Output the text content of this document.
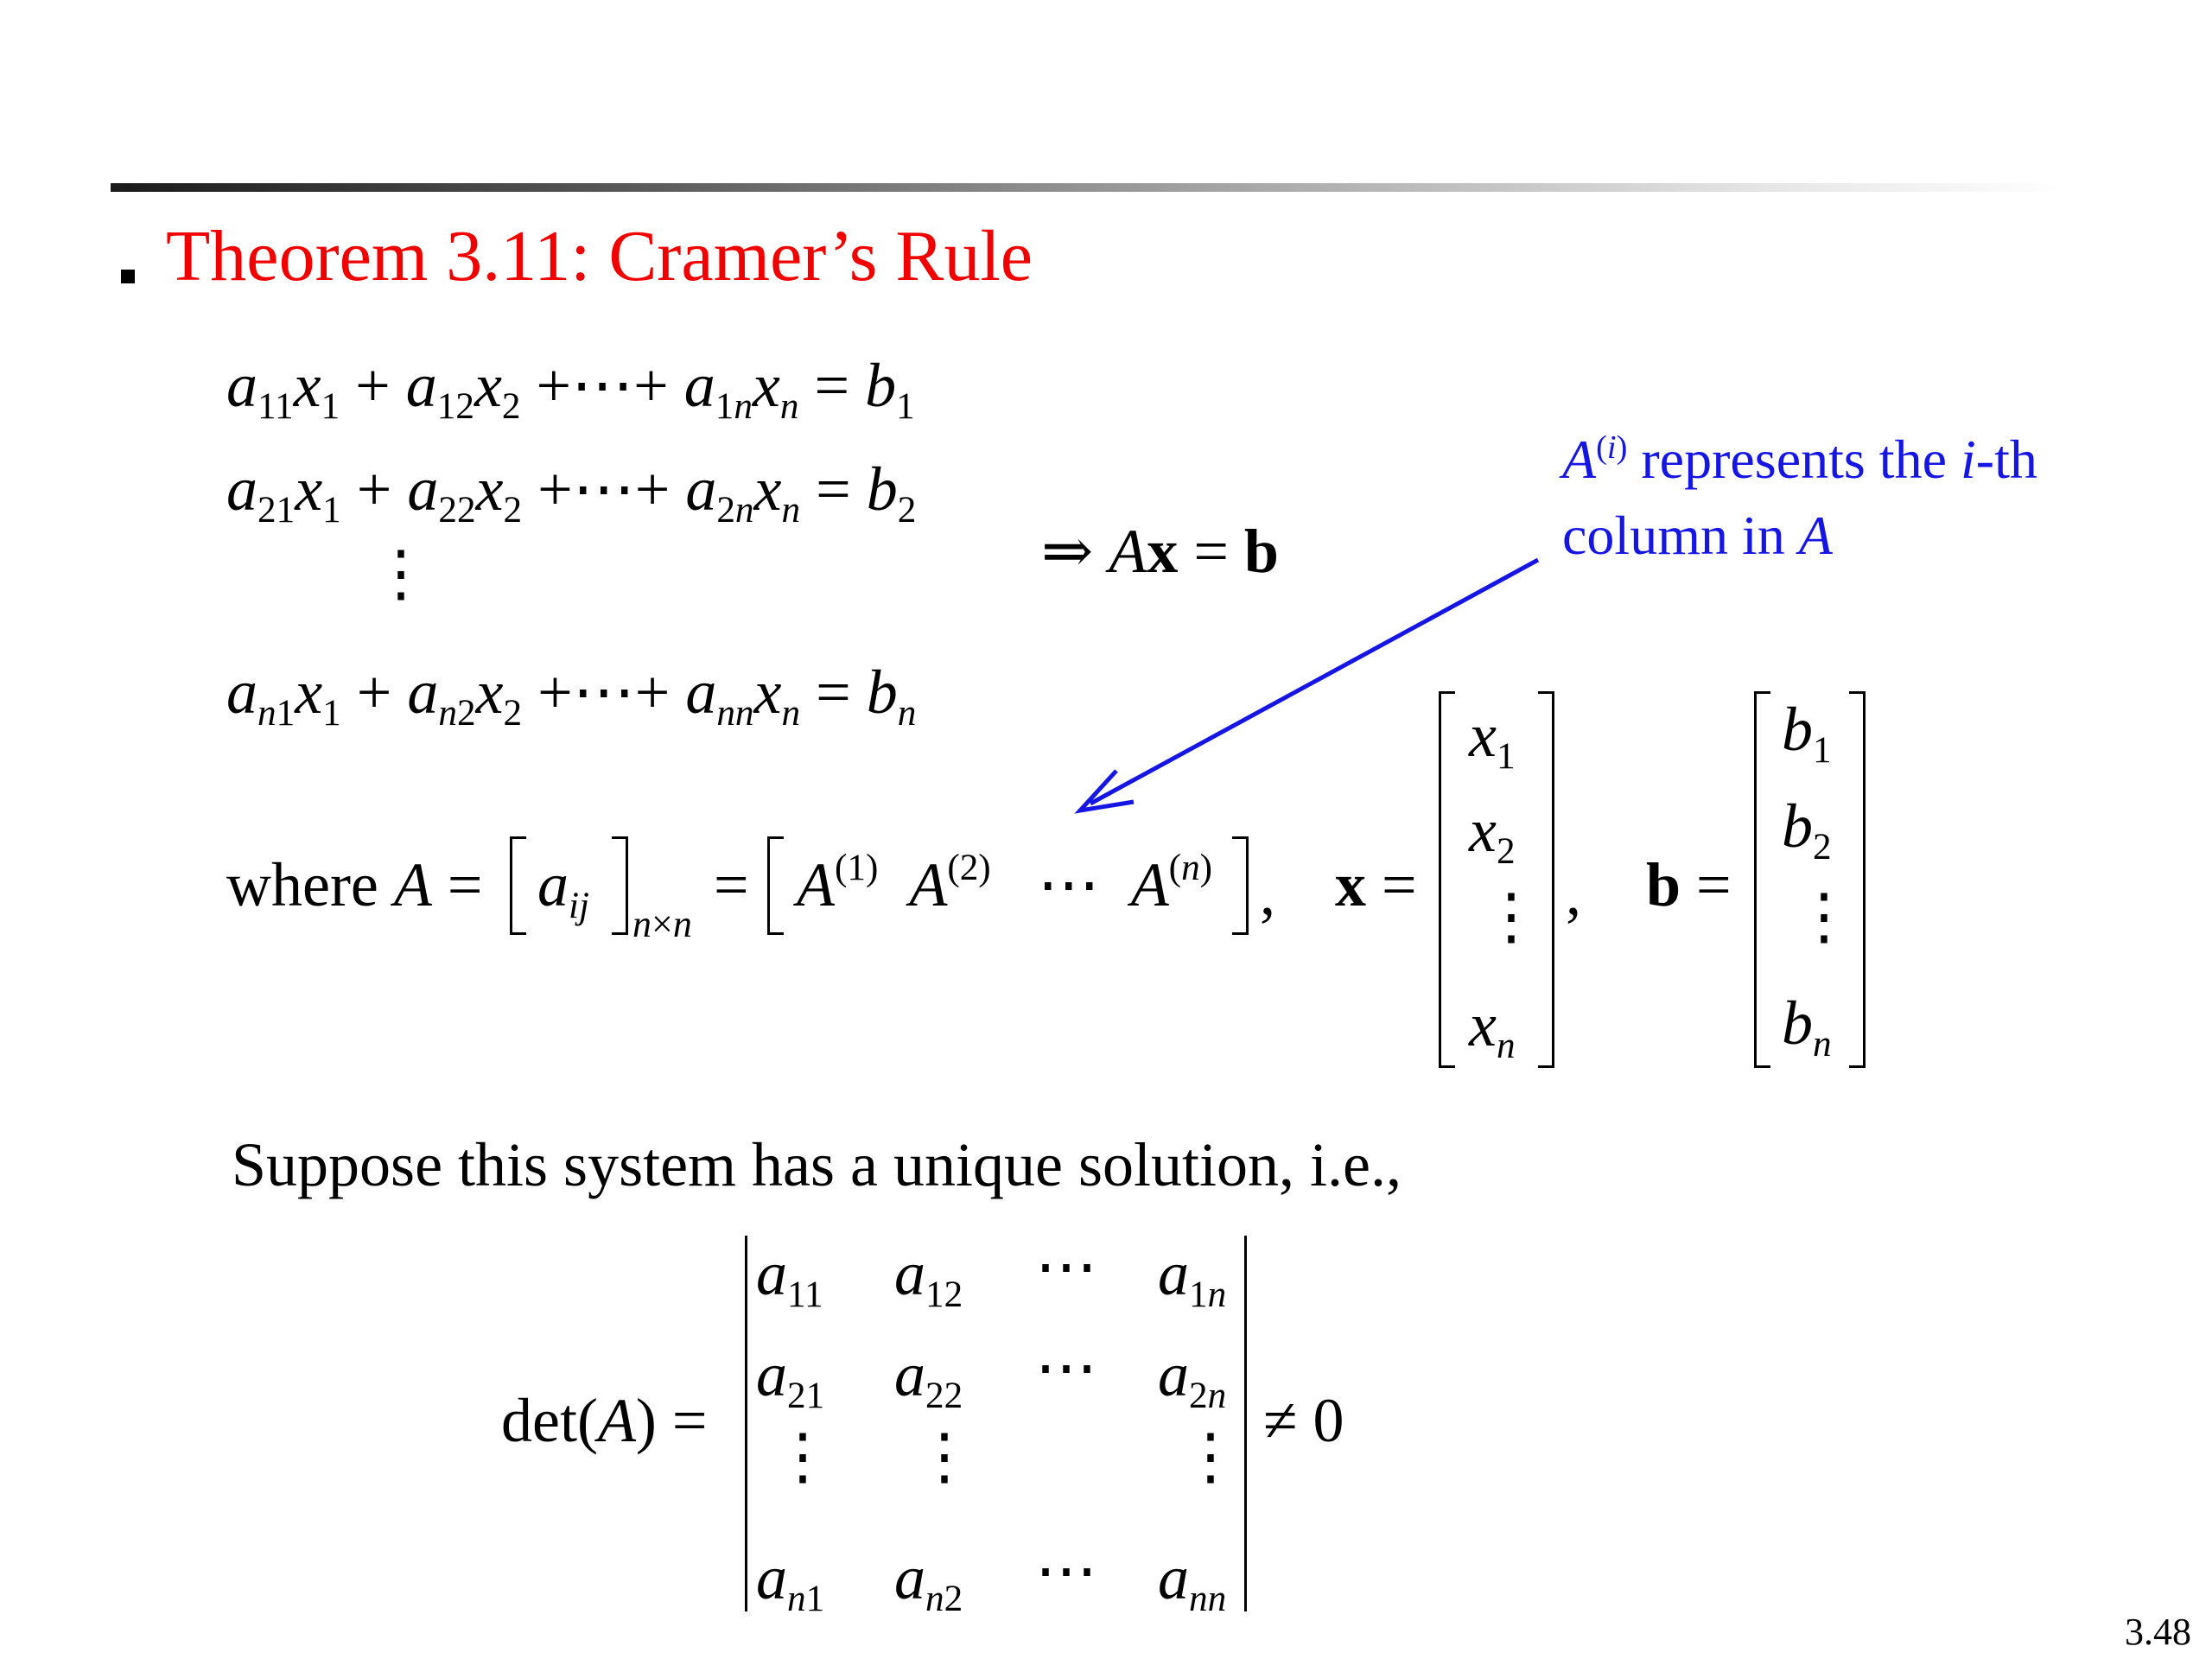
Theorem 3.11: Cramer’s Rule
$a_{11}x_1 + a_{12}x_2$ +⋯+ $a_{1n}x_n = b_1$
$a_{21}x_1 + a_{22}x_2$ +⋯+ $a_{2n}x_n = b_2$
⋮
$a_{n1}x_1 + a_{n2}x_2$ +⋯+ $a_{nn}x_n = b_n$
⇒ Ax = b
$A^{(i)}$ represents the i-th
column in A
where $A = a_{ij}$ n×n
= $A^{(1)}$ $A^{(2)}$   ⋯  $A^{(n)}$ , x =
$x_1$
$x_2$
⋮
$x_n$
, b =
$b_1$
$b_2$
⋮
$b_n$
Suppose this system has a unique solution, i.e.,
det(A) =
$a_{11}$ $a_{12}$ ⋯ $a_{1n}$
$a_{21}$ $a_{22}$ ⋯ $a_{2n}$
⋮ ⋮	⋮
$a_{n1}$ $a_{n2}$ ⋯ $a_{nn}$
≠ 0
3.48
